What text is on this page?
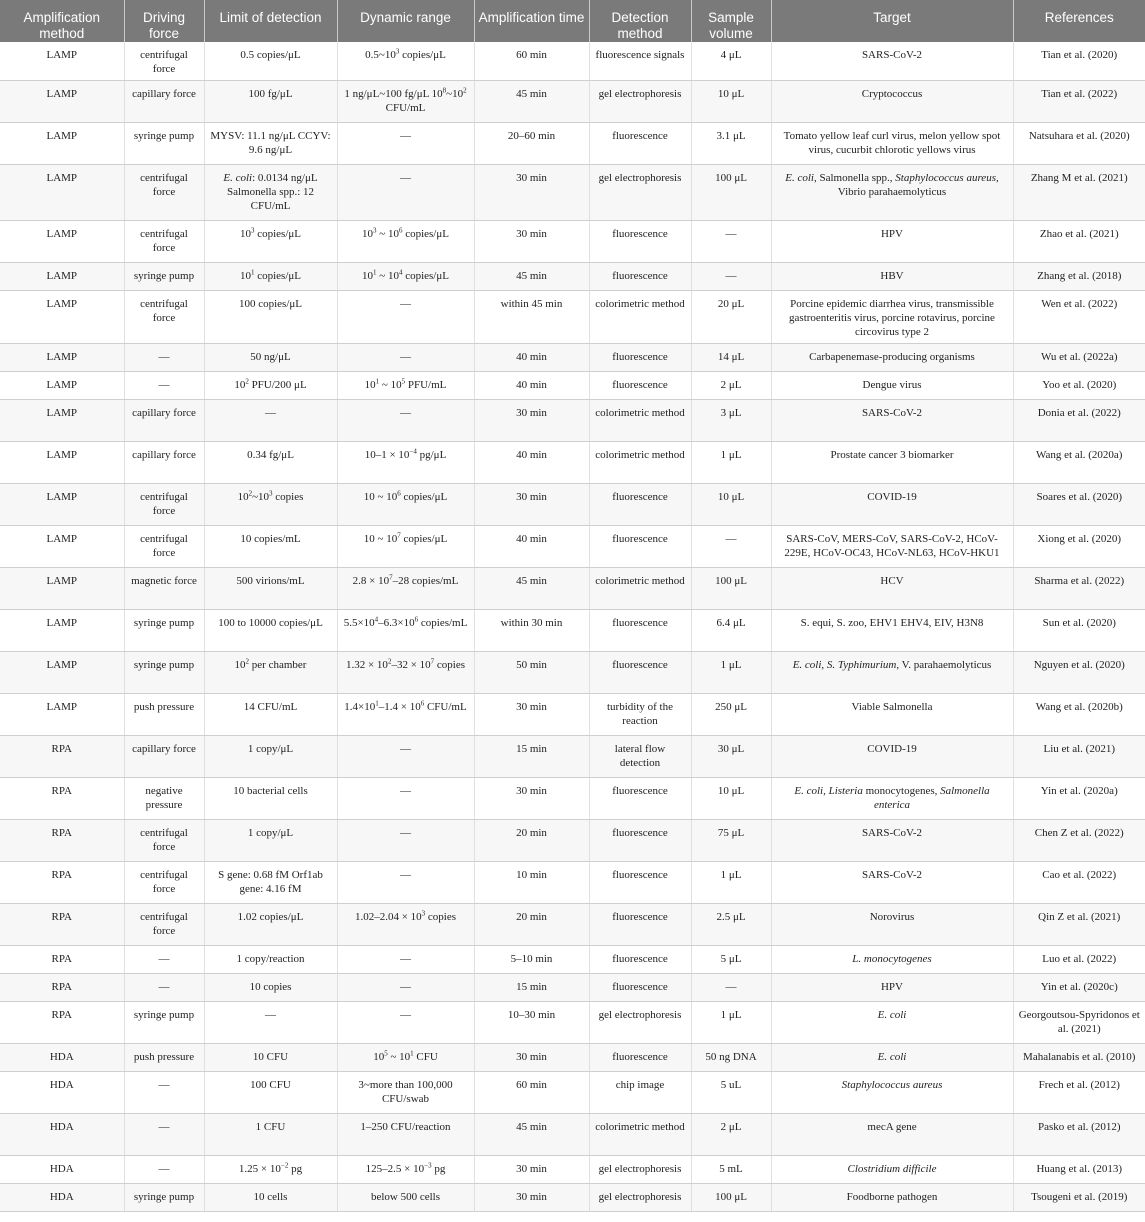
Amplification method	Driving force	Limit of detection	Dynamic range	Amplification time	Detection method	Sample volume	Target	References
LAMP	centrifugal force	0.5 copies/μL	$0.5\sim 10^3$ copies/μL	60 min	fluorescence signals	4 μL	SARS-CoV-2	Tian et al. (2020)
LAMP	capillary force	100 fg/μL	1 ng/μL~100 fg/μL $10^8\sim 10^2$ CFU/mL	45 min	gel electrophoresis	10 μL	Cryptococcus	Tian et al. (2022)
LAMP	syringe pump	MYSV: 11.1 ng/μL CCYV: 9.6 ng/μL	—	20–60 min	fluorescence	3.1 μL	Tomato yellow leaf curl virus, melon yellow spot virus, cucurbit chlorotic yellows virus	Natsuhara et al. (2020)
LAMP	centrifugal force	E. coli: 0.0134 ng/μL Salmonella spp.: 12 CFU/mL	—	30 min	gel electrophoresis	100 μL	E. coli, Salmonella spp., Staphylococcus aureus, Vibrio parahaemolyticus	Zhang M et al. (2021)
LAMP	centrifugal force	$10^3$ copies/μL	$10^3$ ~ $10^6$ copies/μL	30 min	fluorescence	—	HPV	Zhao et al. (2021)
LAMP	syringe pump	$10^1$ copies/μL	$10^1$ ~ $10^4$ copies/μL	45 min	fluorescence	—	HBV	Zhang et al. (2018)
LAMP	centrifugal force	100 copies/μL	—	within 45 min	colorimetric method	20 μL	Porcine epidemic diarrhea virus, transmissible gastroenteritis virus, porcine rotavirus, porcine circovirus type 2	Wen et al. (2022)
LAMP	—	50 ng/μL	—	40 min	fluorescence	14 μL	Carbapenemase-producing organisms	Wu et al. (2022a)
LAMP	—	$10^2$ PFU/200 μL	$10^1$ ~ $10^5$ PFU/mL	40 min	fluorescence	2 μL	Dengue virus	Yoo et al. (2020)
LAMP	capillary force	—	—	30 min	colorimetric method	3 μL	SARS-CoV-2	Donia et al. (2022)
LAMP	capillary force	0.34 fg/μL	$10-1 \times 10^{-4}$ pg/μL	40 min	colorimetric method	1 μL	Prostate cancer 3 biomarker	Wang et al. (2020a)
LAMP	centrifugal force	$10^2\sim 10^3$ copies	10 ~ $10^6$ copies/μL	30 min	fluorescence	10 μL	COVID-19	Soares et al. (2020)
LAMP	centrifugal force	10 copies/mL	10 ~ $10^7$ copies/μL	40 min	fluorescence	—	SARS-CoV, MERS-CoV, SARS-CoV-2, HCoV-229E, HCoV-OC43, HCoV-NL63, HCoV-HKU1	Xiong et al. (2020)
LAMP	magnetic force	500 virions/mL	$2.8 \times 10^7-28$ copies/mL	45 min	colorimetric method	100 μL	HCV	Sharma et al. (2022)
LAMP	syringe pump	100 to 10000 copies/μL	$5.5\times 10^4-6.3\times 10^6$ copies/mL	within 30 min	fluorescence	6.4 μL	S. equi, S. zoo, EHV1 EHV4, EIV, H3N8	Sun et al. (2020)
LAMP	syringe pump	$10^2$ per chamber	$1.32 \times 10^2-32 \times 10^7$ copies	50 min	fluorescence	1 μL	E. coli, S. Typhimurium, V. parahaemolyticus	Nguyen et al. (2020)
LAMP	push pressure	14 CFU/mL	$1.4\times 10^1-1.4 \times 10^6$ CFU/mL	30 min	turbidity of the reaction	250 μL	Viable Salmonella	Wang et al. (2020b)
RPA	capillary force	1 copy/μL	—	15 min	lateral flow detection	30 μL	COVID-19	Liu et al. (2021)
RPA	negative pressure	10 bacterial cells	—	30 min	fluorescence	10 μL	E. coli, Listeria monocytogenes, Salmonella enterica	Yin et al. (2020a)
RPA	centrifugal force	1 copy/μL	—	20 min	fluorescence	75 μL	SARS-CoV-2	Chen Z et al. (2022)
RPA	centrifugal force	S gene: 0.68 fM Orf1ab gene: 4.16 fM	—	10 min	fluorescence	1 μL	SARS-CoV-2	Cao et al. (2022)
RPA	centrifugal force	1.02 copies/μL	$1.02-2.04 \times 10^3$ copies	20 min	fluorescence	2.5 μL	Norovirus	Qin Z et al. (2021)
RPA	—	1 copy/reaction	—	5–10 min	fluorescence	5 μL	L. monocytogenes	Luo et al. (2022)
RPA	—	10 copies	—	15 min	fluorescence	—	HPV	Yin et al. (2020c)
RPA	syringe pump	—	—	10–30 min	gel electrophoresis	1 μL	E. coli	Georgoutsou-Spyridonos et al. (2021)
HDA	push pressure	10 CFU	$10^5$ ~ $10^1$ CFU	30 min	fluorescence	50 ng DNA	E. coli	Mahalanabis et al. (2010)
HDA	—	100 CFU	3~more than 100,000 CFU/swab	60 min	chip image	5 uL	Staphylococcus aureus	Frech et al. (2012)
HDA	—	1 CFU	1–250 CFU/reaction	45 min	colorimetric method	2 μL	mecA gene	Pasko et al. (2012)
HDA	—	$1.25 \times 10^{-2}$ pg	$125-2.5 \times 10^{-3}$ pg	30 min	gel electrophoresis	5 mL	Clostridium difficile	Huang et al. (2013)
HDA	syringe pump	10 cells	below 500 cells	30 min	gel electrophoresis	100 μL	Foodborne pathogen	Tsougeni et al. (2019)
